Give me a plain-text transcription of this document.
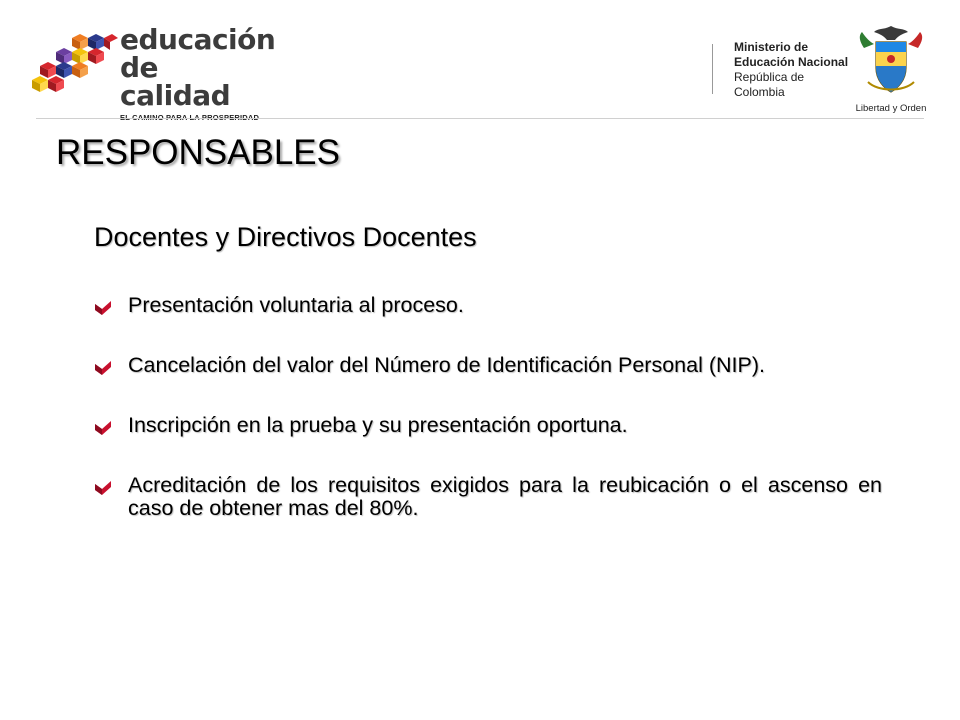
educación
de calidad
Ministerio de
Educación Nacional
República de Colombia
Libertad y Orden
RESPONSABLES
Docentes y Directivos Docentes
Presentación voluntaria al proceso.
Cancelación del valor del Número de Identificación Personal (NIP).
Inscripción en la prueba y su presentación oportuna.
Acreditación de los requisitos exigidos para la reubicación o el ascenso en caso de obtener mas del 80%.
